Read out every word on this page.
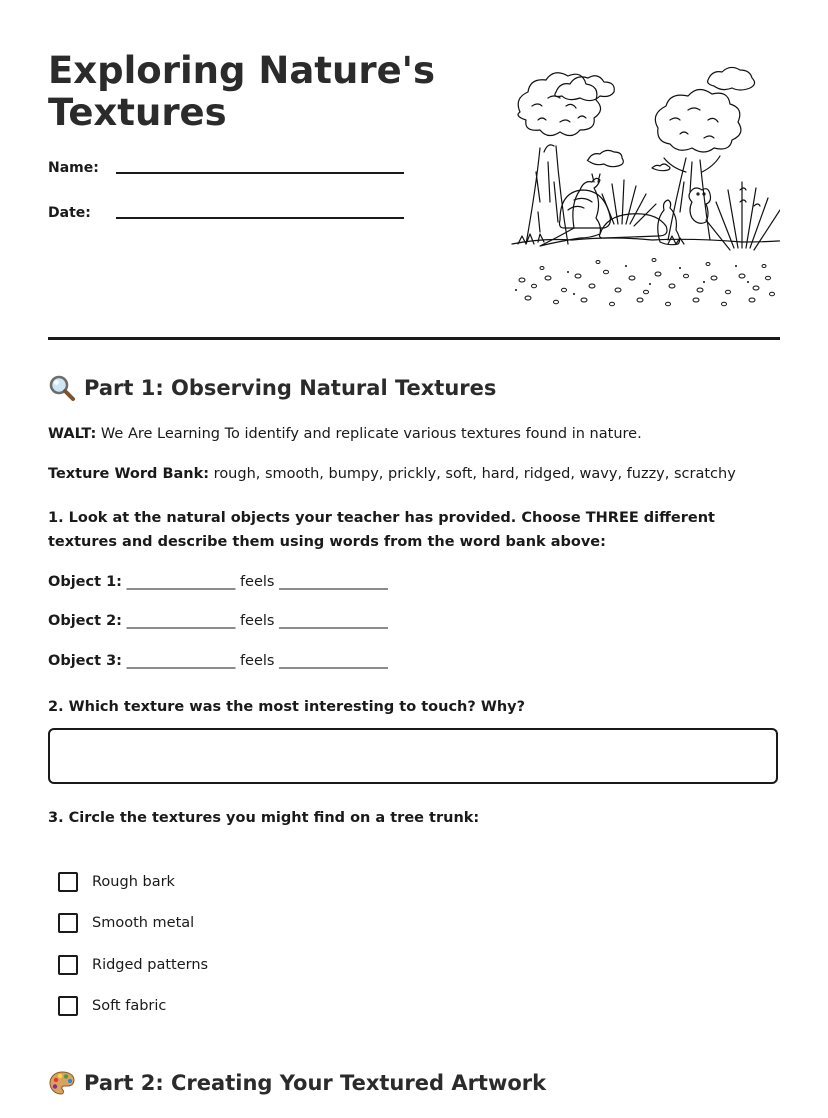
Exploring Nature's Textures
Name:
Date:
Part 1: Observing Natural Textures

WALT: We Are Learning To identify and replicate various textures found in nature.

Texture Word Bank: rough, smooth, bumpy, prickly, soft, hard, ridged, wavy, fuzzy, scratchy

1. Look at the natural objects your teacher has provided. Choose THREE different textures and describe them using words from the word bank above:

Object 1: _______________ feels _______________
Object 2: _______________ feels _______________
Object 3: _______________ feels _______________

2. Which texture was the most interesting to touch? Why?

3. Circle the textures you might find on a tree trunk:

Rough bark
Smooth metal
Ridged patterns
Soft fabric
Part 2: Creating Your Textured Artwork
